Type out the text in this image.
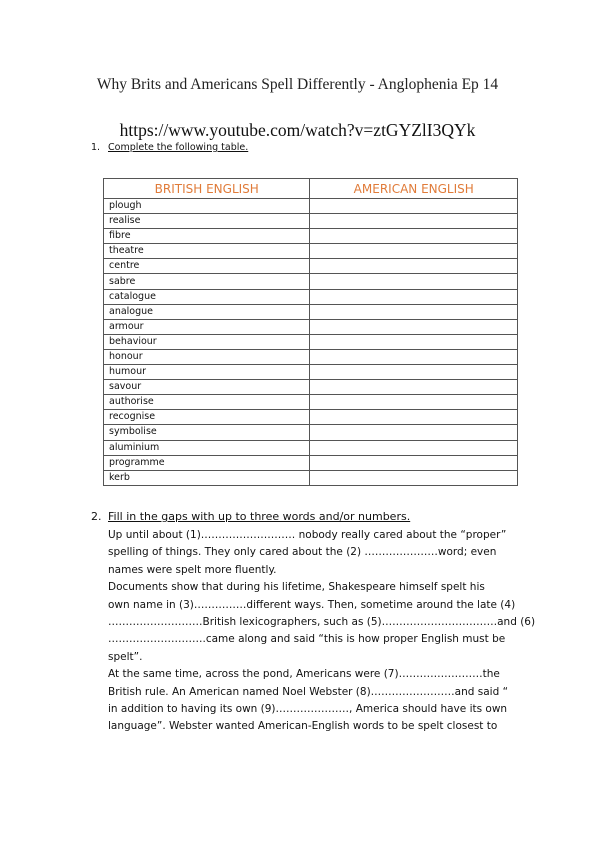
Why Brits and Americans Spell Differently - Anglophenia Ep 14
https://www.youtube.com/watch?v=ztGYZlI3QYk
1. Complete the following table.
BRITISH ENGLISH	AMERICAN ENGLISH
plough	
realise	
fibre	
theatre	
centre	
sabre	
catalogue	
analogue	
armour	
behaviour	
honour	
humour	
savour	
authorise	
recognise	
symbolise	
aluminium	
programme	
kerb	
2. Fill in the gaps with up to three words and/or numbers.
Up until about (1)……………………… nobody really cared about the “proper”
spelling of things. They only cared about the (2) …………………word; even
names were spelt more fluently.
Documents show that during his lifetime, Shakespeare himself spelt his
own name in (3)……………different ways. Then, sometime around the late (4)
………………………British lexicographers, such as (5)……………………………and (6)
……………………….came along and said “this is how proper English must be
spelt”.
At the same time, across the pond, Americans were (7)……………………the
British rule. An American named Noel Webster (8)……………………and said “
in addition to having its own (9)…………………, America should have its own
language”. Webster wanted American-English words to be spelt closest to
